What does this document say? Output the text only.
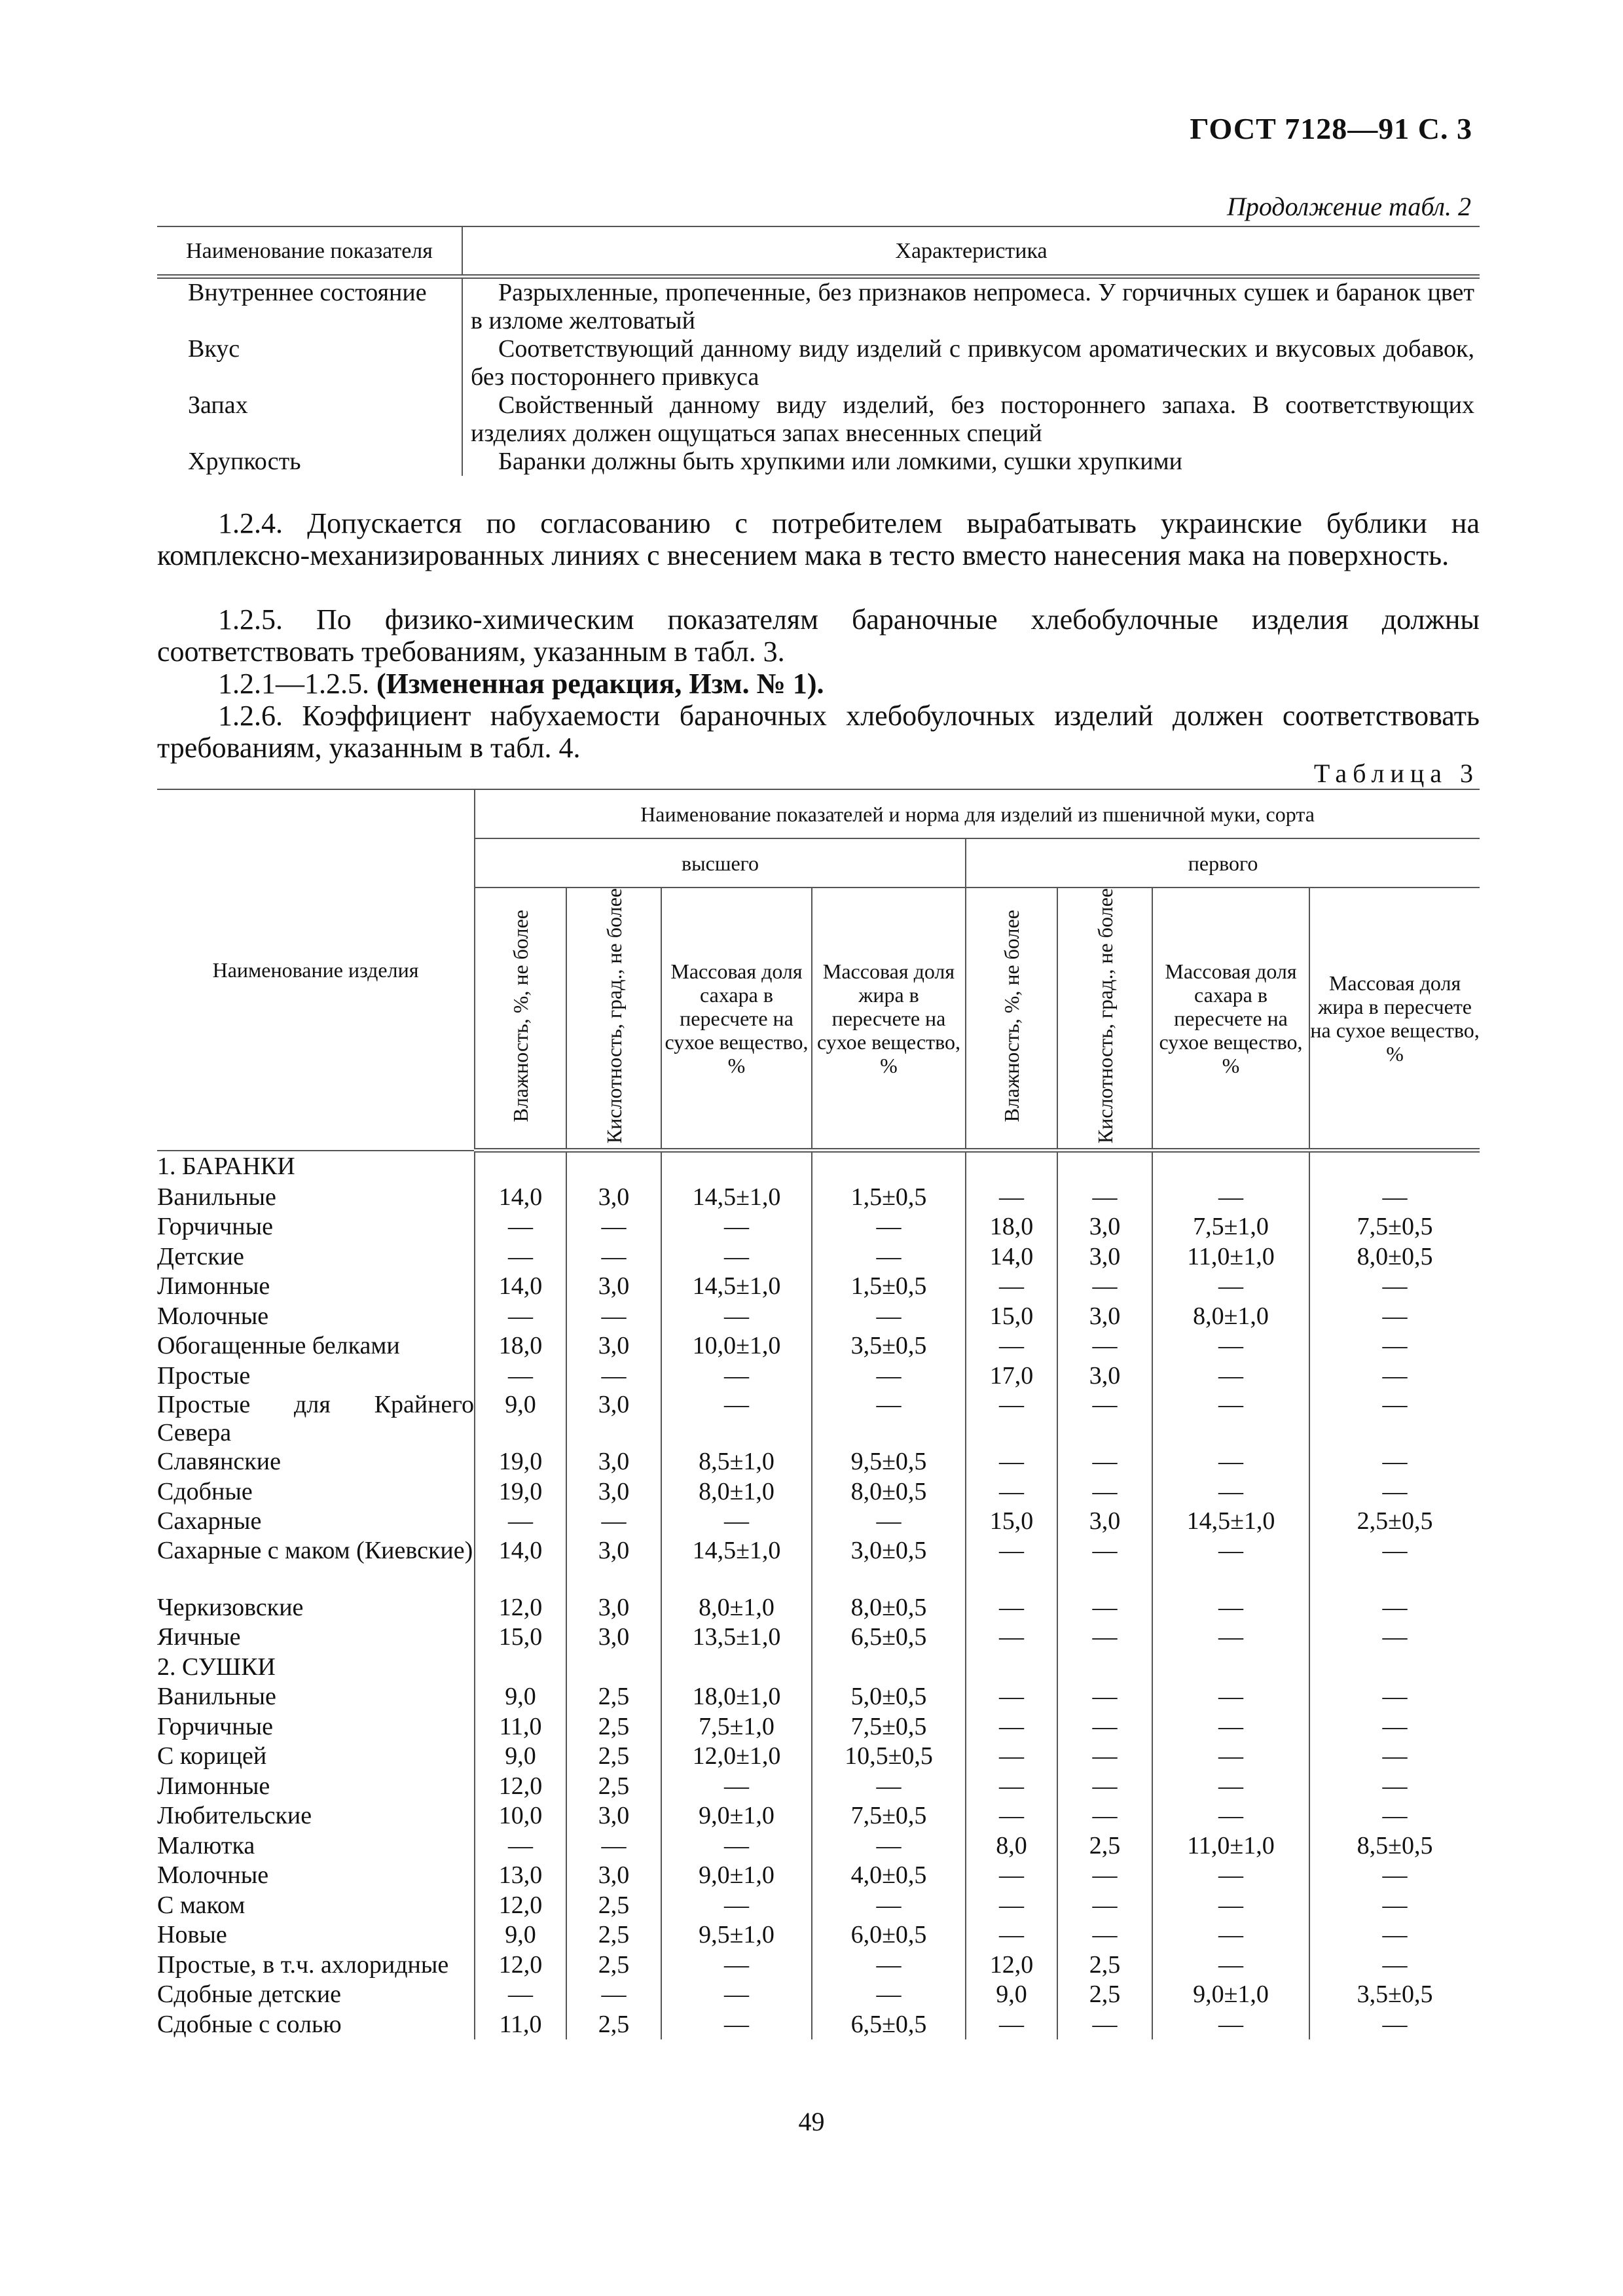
ГОСТ 7128—91 С. 3
Продолжение табл. 2
Наименование показателя	Характеристика
Внутреннее состояние	Разрыхленные, пропеченные, без признаков непромеса. У горчичных сушек и баранок цвет в изломе желтоватый
Вкус	Соответствующий данному виду изделий с привкусом ароматических и вкусовых добавок, без постороннего привкуса
Запах	Свойственный данному виду изделий, без постороннего запаха. В соответствующих изделиях должен ощущаться запах внесенных специй
Хрупкость	Баранки должны быть хрупкими или ломкими, сушки хрупкими
1.2.4. Допускается по согласованию с потребителем вырабатывать украинские бублики на комплексно-механизированных линиях с внесением мака в тесто вместо нанесения мака на поверхность.
1.2.5. По физико-химическим показателям бараночные хлебобулочные изделия должны соответствовать требованиям, указанным в табл. 3.
1.2.1—1.2.5. (Измененная редакция, Изм. № 1).
1.2.6. Коэффициент набухаемости бараночных хлебобулочных изделий должен соответствовать требованиям, указанным в табл. 4.
Таблица 3
Наименование изделия	Наименование показателей и норма для изделий из пшеничной муки, сорта							
	высшего				первого			
	Влажность, %, не более	Кислотность, град., не более	Массовая доля сахара в пересчете на сухое вещество, %	Массовая доля жира в пересчете на сухое вещество, %	Влажность, %, не более	Кислотность, град., не более	Массовая доля сахара в пересчете на сухое вещество, %	Массовая доля жира в пересчете на сухое вещество, %
1. БАРАНКИ								
Ванильные	14,0	3,0	14,5±1,0	1,5±0,5	—	—	—	—
Горчичные	—	—	—	—	18,0	3,0	7,5±1,0	7,5±0,5
Детские	—	—	—	—	14,0	3,0	11,0±1,0	8,0±0,5
Лимонные	14,0	3,0	14,5±1,0	1,5±0,5	—	—	—	—
Молочные	—	—	—	—	15,0	3,0	8,0±1,0	—
Обогащенные белками	18,0	3,0	10,0±1,0	3,5±0,5	—	—	—	—
Простые	—	—	—	—	17,0	3,0	—	—

Простые для Крайнего Севера	9,0	3,0	—	—	—	—	—	—
Славянские	19,0	3,0	8,5±1,0	9,5±0,5	—	—	—	—
Сдобные	19,0	3,0	8,0±1,0	8,0±0,5	—	—	—	—
Сахарные	—	—	—	—	15,0	3,0	14,5±1,0	2,5±0,5

Сахарные с маком (Киевские)	14,0	3,0	14,5±1,0	3,0±0,5	—	—	—	—
Черкизовские	12,0	3,0	8,0±1,0	8,0±0,5	—	—	—	—
Яичные	15,0	3,0	13,5±1,0	6,5±0,5	—	—	—	—
2. СУШКИ								
Ванильные	9,0	2,5	18,0±1,0	5,0±0,5	—	—	—	—
Горчичные	11,0	2,5	7,5±1,0	7,5±0,5	—	—	—	—
С корицей	9,0	2,5	12,0±1,0	10,5±0,5	—	—	—	—
Лимонные	12,0	2,5	—	—	—	—	—	—
Любительские	10,0	3,0	9,0±1,0	7,5±0,5	—	—	—	—
Малютка	—	—	—	—	8,0	2,5	11,0±1,0	8,5±0,5
Молочные	13,0	3,0	9,0±1,0	4,0±0,5	—	—	—	—
С маком	12,0	2,5	—	—	—	—	—	—
Новые	9,0	2,5	9,5±1,0	6,0±0,5	—	—	—	—
Простые, в т.ч. ахлоридные	12,0	2,5	—	—	12,0	2,5	—	—
Сдобные детские	—	—	—	—	9,0	2,5	9,0±1,0	3,5±0,5
Сдобные с солью	11,0	2,5	—	6,5±0,5	—	—	—	—
49
